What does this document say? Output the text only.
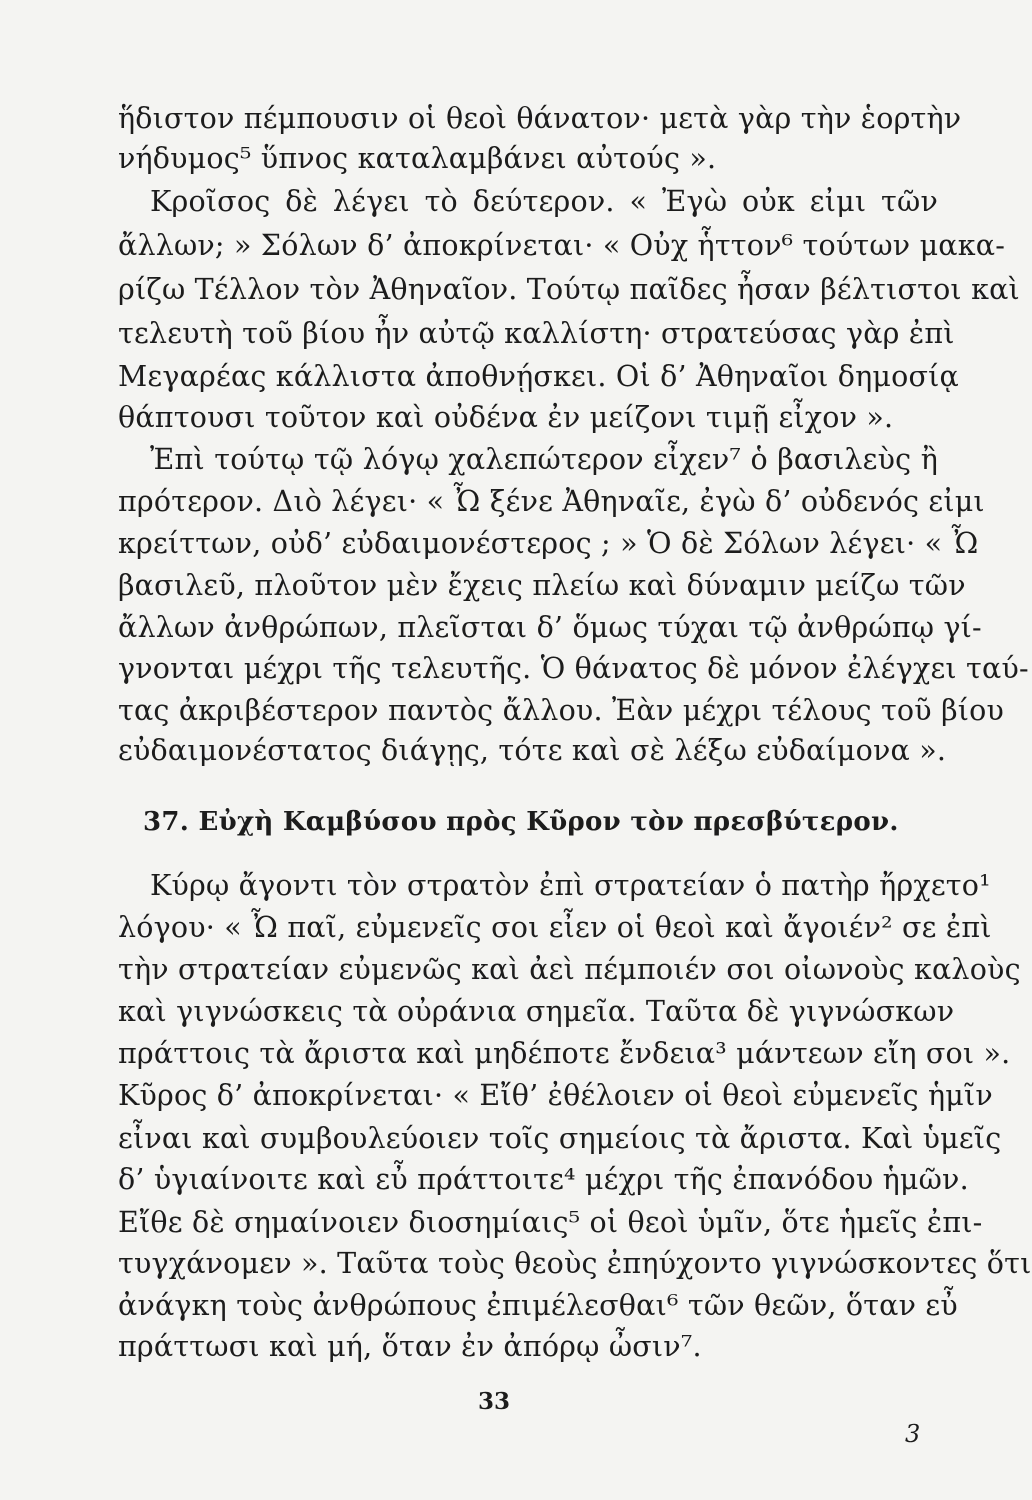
ἥδιστον πέμπουσιν οἱ θεοὶ θάνατον· μετὰ γὰρ τὴν ἑορτὴν
νήδυμος⁵ ὕπνος καταλαμβάνει αὐτούς ».
Κροῖσος δὲ λέγει τὸ δεύτερον. « Ἐγὼ οὐκ εἰμι τῶν
ἄλλων; » Σόλων δ’ ἀποκρίνεται· « Οὐχ ἧττον⁶ τούτων μακα-
ρίζω Τέλλον τὸν Ἀθηναῖον. Τούτῳ παῖδες ἦσαν βέλτιστοι καὶ
τελευτὴ τοῦ βίου ἦν αὐτῷ καλλίστη· στρατεύσας γὰρ ἐπὶ
Μεγαρέας κάλλιστα ἀποθνῄσκει. Οἱ δ’ Ἀθηναῖοι δημοσίᾳ
θάπτουσι τοῦτον καὶ οὐδένα ἐν μείζονι τιμῇ εἶχον ».
Ἐπὶ τούτῳ τῷ λόγῳ χαλεπώτερον εἶχεν⁷ ὁ βασιλεὺς ἢ
πρότερον. Διὸ λέγει· « Ὦ ξένε Ἀθηναῖε, ἐγὼ δ’ οὐδενός εἰμι
κρείττων, οὐδ’ εὐδαιμονέστερος ; » Ὁ δὲ Σόλων λέγει· « Ὦ
βασιλεῦ, πλοῦτον μὲν ἔχεις πλείω καὶ δύναμιν μείζω τῶν
ἄλλων ἀνθρώπων, πλεῖσται δ’ ὅμως τύχαι τῷ ἀνθρώπῳ γί-
γνονται μέχρι τῆς τελευτῆς. Ὁ θάνατος δὲ μόνον ἐλέγχει ταύ-
τας ἀκριβέστερον παντὸς ἄλλου. Ἐὰν μέχρι τέλους τοῦ βίου
εὐδαιμονέστατος διάγῃς, τότε καὶ σὲ λέξω εὐδαίμονα ».
37. Εὐχὴ Καμβύσου πρὸς Κῦρον τὸν πρεσβύτερον.
Κύρῳ ἄγοντι τὸν στρατὸν ἐπὶ στρατείαν ὁ πατὴρ ἤρχετο¹
λόγου· « Ὦ παῖ, εὐμενεῖς σοι εἶεν οἱ θεοὶ καὶ ἄγοιέν² σε ἐπὶ
τὴν στρατείαν εὐμενῶς καὶ ἀεὶ πέμποιέν σοι οἰωνοὺς καλοὺς
καὶ γιγνώσκεις τὰ οὐράνια σημεῖα. Ταῦτα δὲ γιγνώσκων
πράττοις τὰ ἄριστα καὶ μηδέποτε ἔνδεια³ μάντεων εἴη σοι ».
Κῦρος δ’ ἀποκρίνεται· « Εἴθ’ ἐθέλοιεν οἱ θεοὶ εὐμενεῖς ἡμῖν
εἶναι καὶ συμβουλεύοιεν τοῖς σημείοις τὰ ἄριστα. Καὶ ὑμεῖς
δ’ ὑγιαίνοιτε καὶ εὖ πράττοιτε⁴ μέχρι τῆς ἐπανόδου ἡμῶν.
Εἴθε δὲ σημαίνοιεν διοσημίαις⁵ οἱ θεοὶ ὑμῖν, ὅτε ἡμεῖς ἐπι-
τυγχάνομεν ». Ταῦτα τοὺς θεοὺς ἐπηύχοντο γιγνώσκοντες ὅτι
ἀνάγκη τοὺς ἀνθρώπους ἐπιμέλεσθαι⁶ τῶν θεῶν, ὅταν εὖ
πράττωσι καὶ μή, ὅταν ἐν ἀπόρῳ ὦσιν⁷.
33
3
